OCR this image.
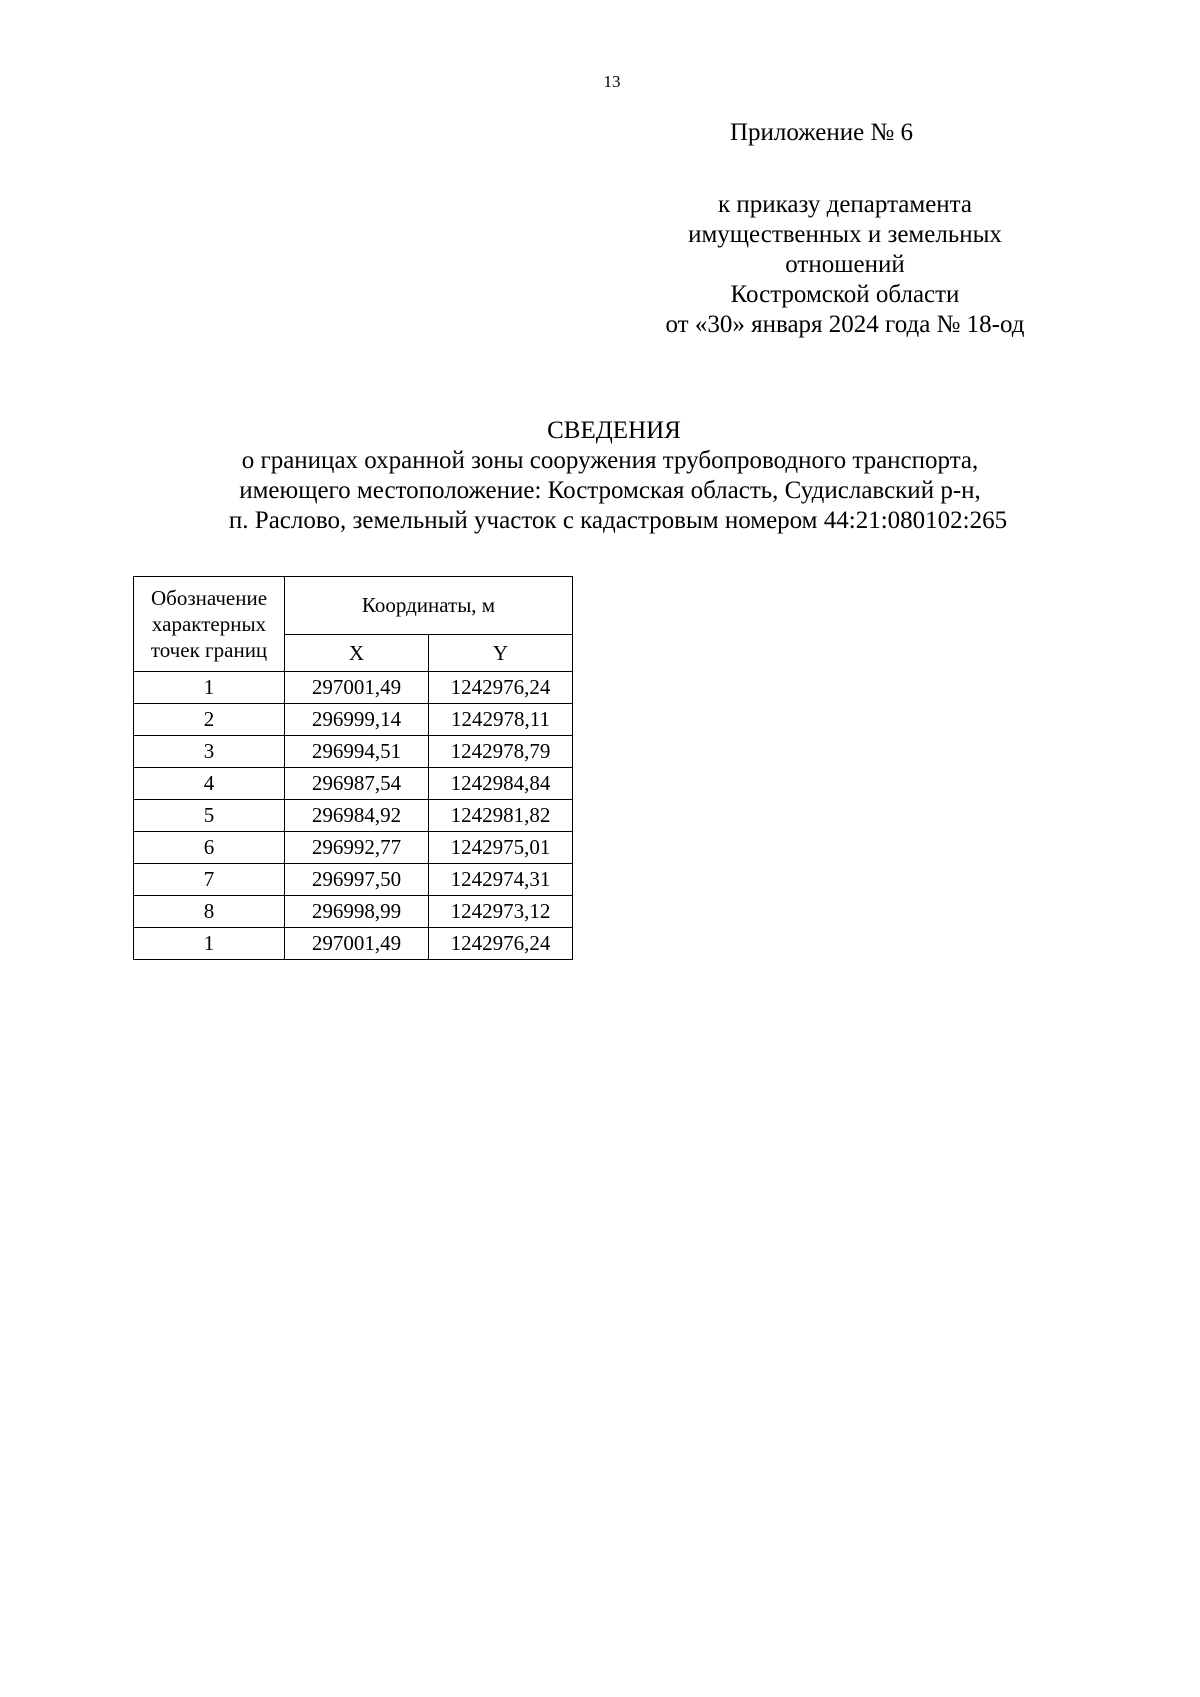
13
Приложение № 6
к приказу департамента
имущественных и земельных
отношений
Костромской области
от «30» января 2024 года № 18-од
СВЕДЕНИЯ
о границах охранной зоны сооружения трубопроводного транспорта,
имеющего местоположение: Костромская область, Судиславский р-н,
п. Раслово, земельный участок с кадастровым номером 44:21:080102:265
Обозначение
характерных
точек границ	Координаты, м	
	X	Y
1	297001,49	1242976,24
2	296999,14	1242978,11
3	296994,51	1242978,79
4	296987,54	1242984,84
5	296984,92	1242981,82
6	296992,77	1242975,01
7	296997,50	1242974,31
8	296998,99	1242973,12
1	297001,49	1242976,24
